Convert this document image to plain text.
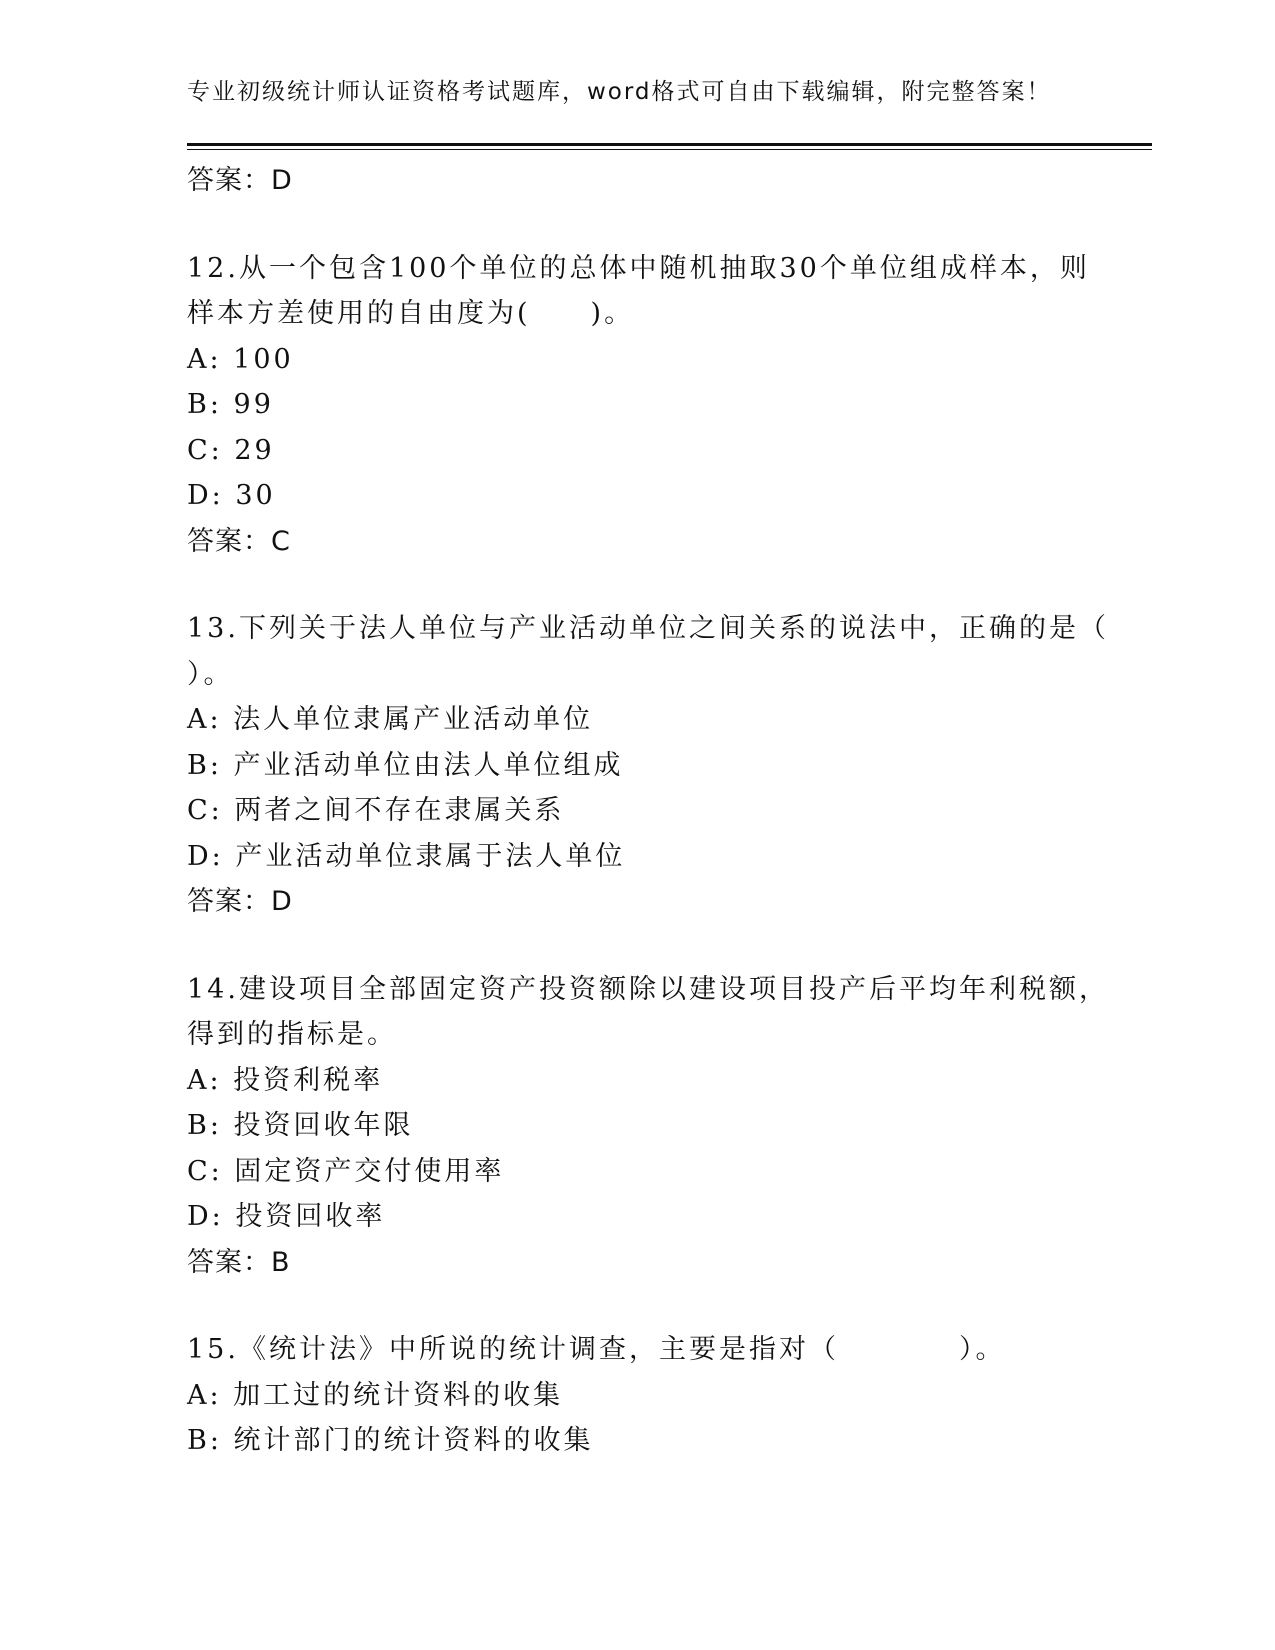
专业初级统计师认证资格考试题库，word格式可自由下载编辑，附完整答案！
答案：D
12.从一个包含100个单位的总体中随机抽取30个单位组成样本，则
样本方差使用的自由度为(　　)。
A: 100
B: 99
C: 29
D: 30
答案：C
13.下列关于法人单位与产业活动单位之间关系的说法中，正确的是（
）。
A: 法人单位隶属产业活动单位
B: 产业活动单位由法人单位组成
C: 两者之间不存在隶属关系
D: 产业活动单位隶属于法人单位
答案：D
14.建设项目全部固定资产投资额除以建设项目投产后平均年利税额，
得到的指标是。
A: 投资利税率
B: 投资回收年限
C: 固定资产交付使用率
D: 投资回收率
答案：B
15.《统计法》中所说的统计调查，主要是指对（　　　　）。
A: 加工过的统计资料的收集
B: 统计部门的统计资料的收集
